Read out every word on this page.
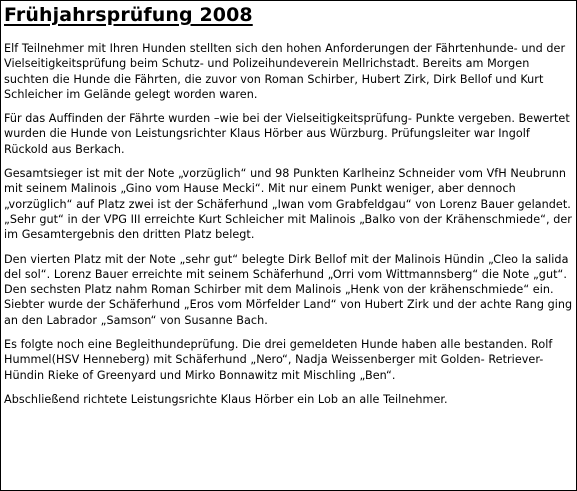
Frühjahrsprüfung 2008

Elf Teilnehmer mit Ihren Hunden stellten sich den hohen Anforderungen der Fährtenhunde- und der Vielseitigkeitsprüfung beim Schutz- und Polizeihundeverein Mellrichstadt. Bereits am Morgen suchten die Hunde die Fährten, die zuvor von Roman Schirber, Hubert Zirk, Dirk Bellof und Kurt Schleicher im Gelände gelegt worden waren.

Für das Auffinden der Fährte wurden –wie bei der Vielseitigkeitsprüfung- Punkte vergeben. Bewertet wurden die Hunde von Leistungsrichter Klaus Hörber aus Würzburg. Prüfungsleiter war Ingolf Rückold aus Berkach.

Gesamtsieger ist mit der Note „vorzüglich“ und 98 Punkten Karlheinz Schneider vom VfH Neubrunn mit seinem Malinois „Gino vom Hause Mecki“. Mit nur einem Punkt weniger, aber dennoch „vorzüglich“ auf Platz zwei ist der Schäferhund „Iwan vom Grabfeldgau“ von Lorenz Bauer gelandet. „Sehr gut“ in der VPG III erreichte Kurt Schleicher mit Malinois „Balko von der Krähenschmiede“, der im Gesamtergebnis den dritten Platz belegt.

Den vierten Platz mit der Note „sehr gut“ belegte Dirk Bellof mit der Malinois Hündin „Cleo la salida del sol“. Lorenz Bauer erreichte mit seinem Schäferhund „Orri vom Wittmannsberg“ die Note „gut“. Den sechsten Platz nahm Roman Schirber mit dem Malinois „Henk von der krähenschmiede“ ein. Siebter wurde der Schäferhund „Eros vom Mörfelder Land“ von Hubert Zirk und der achte Rang ging an den Labrador „Samson“ von Susanne Bach.

Es folgte noch eine Begleithundeprüfung. Die drei gemeldeten Hunde haben alle bestanden. Rolf Hummel(HSV Henneberg) mit Schäferhund „Nero“, Nadja Weissenberger mit Golden- Retriever- Hündin Rieke of Greenyard und Mirko Bonnawitz mit Mischling „Ben“.

Abschließend richtete Leistungsrichte Klaus Hörber ein Lob an alle Teilnehmer.
